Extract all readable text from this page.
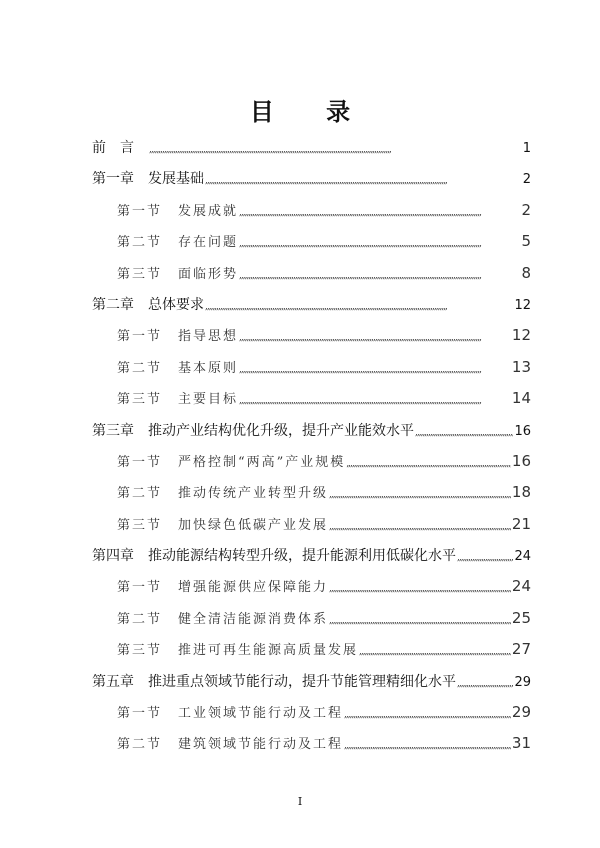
目 录
前　言 ,,,,,,,,,,,,,,,,,,,,,,,,,,,,,,,,,,,,,,,,,,,,,,,,,,,,,,,,,,,,,,,,,,,,,,,,,,,,,,,,,,,,,,,,,,,,,,,,,,,,,,,,,,,,,,,,,,,,,,,,,,,,,,,,,,	1
第一章 发展基础 ,,,,,,,,,,,,,,,,,,,,,,,,,,,,,,,,,,,,,,,,,,,,,,,,,,,,,,,,,,,,,,,,,,,,,,,,,,,,,,,,,,,,,,,,,,,,,,,,,,,,,,,,,,,,,,,,,,,,,,,,,,,,,,,,,,	2
第一节 发展成就 ,,,,,,,,,,,,,,,,,,,,,,,,,,,,,,,,,,,,,,,,,,,,,,,,,,,,,,,,,,,,,,,,,,,,,,,,,,,,,,,,,,,,,,,,,,,,,,,,,,,,,,,,,,,,,,,,,,,,,,,,,,,,,,,,,,	2
第二节 存在问题 ,,,,,,,,,,,,,,,,,,,,,,,,,,,,,,,,,,,,,,,,,,,,,,,,,,,,,,,,,,,,,,,,,,,,,,,,,,,,,,,,,,,,,,,,,,,,,,,,,,,,,,,,,,,,,,,,,,,,,,,,,,,,,,,,,,	5
第三节 面临形势 ,,,,,,,,,,,,,,,,,,,,,,,,,,,,,,,,,,,,,,,,,,,,,,,,,,,,,,,,,,,,,,,,,,,,,,,,,,,,,,,,,,,,,,,,,,,,,,,,,,,,,,,,,,,,,,,,,,,,,,,,,,,,,,,,,,	8
第二章 总体要求 ,,,,,,,,,,,,,,,,,,,,,,,,,,,,,,,,,,,,,,,,,,,,,,,,,,,,,,,,,,,,,,,,,,,,,,,,,,,,,,,,,,,,,,,,,,,,,,,,,,,,,,,,,,,,,,,,,,,,,,,,,,,,,,,,,,	12
第一节 指导思想 ,,,,,,,,,,,,,,,,,,,,,,,,,,,,,,,,,,,,,,,,,,,,,,,,,,,,,,,,,,,,,,,,,,,,,,,,,,,,,,,,,,,,,,,,,,,,,,,,,,,,,,,,,,,,,,,,,,,,,,,,,,,,,,,,,,	12
第二节 基本原则 ,,,,,,,,,,,,,,,,,,,,,,,,,,,,,,,,,,,,,,,,,,,,,,,,,,,,,,,,,,,,,,,,,,,,,,,,,,,,,,,,,,,,,,,,,,,,,,,,,,,,,,,,,,,,,,,,,,,,,,,,,,,,,,,,,,	13
第三节 主要目标 ,,,,,,,,,,,,,,,,,,,,,,,,,,,,,,,,,,,,,,,,,,,,,,,,,,,,,,,,,,,,,,,,,,,,,,,,,,,,,,,,,,,,,,,,,,,,,,,,,,,,,,,,,,,,,,,,,,,,,,,,,,,,,,,,,,	14
第三章 推动产业结构优化升级，提升产业能效水平 ,,,,,,,,,,,,,,,,,,,,,,,,,,,,,,,,,,,,,,,,,,,,,,,,,,,,,,,,,,,,,,,,,,,,,,,,,,,,,,,,,,,,,,,,,,,,,,,,,,,,,,,,,,,,,,,,,,,,,,,,,,,,,,,,,,	16
第一节 严格控制“两高”产业规模 ,,,,,,,,,,,,,,,,,,,,,,,,,,,,,,,,,,,,,,,,,,,,,,,,,,,,,,,,,,,,,,,,,,,,,,,,,,,,,,,,,,,,,,,,,,,,,,,,,,,,,,,,,,,,,,,,,,,,,,,,,,,,,,,,,,	16
第二节 推动传统产业转型升级 ,,,,,,,,,,,,,,,,,,,,,,,,,,,,,,,,,,,,,,,,,,,,,,,,,,,,,,,,,,,,,,,,,,,,,,,,,,,,,,,,,,,,,,,,,,,,,,,,,,,,,,,,,,,,,,,,,,,,,,,,,,,,,,,,,,	18
第三节 加快绿色低碳产业发展 ,,,,,,,,,,,,,,,,,,,,,,,,,,,,,,,,,,,,,,,,,,,,,,,,,,,,,,,,,,,,,,,,,,,,,,,,,,,,,,,,,,,,,,,,,,,,,,,,,,,,,,,,,,,,,,,,,,,,,,,,,,,,,,,,,,	21
第四章 推动能源结构转型升级，提升能源利用低碳化水平 ,,,,,,,,,,,,,,,,,,,,,,,,,,,,,,,,,,,,,,,,,,,,,,,,,,,,,,,,,,,,,,,,,,,,,,,,,,,,,,,,,,,,,,,,,,,,,,,,,,,,,,,,,,,,,,,,,,,,,,,,,,,,,,,,,,	24
第一节 增强能源供应保障能力 ,,,,,,,,,,,,,,,,,,,,,,,,,,,,,,,,,,,,,,,,,,,,,,,,,,,,,,,,,,,,,,,,,,,,,,,,,,,,,,,,,,,,,,,,,,,,,,,,,,,,,,,,,,,,,,,,,,,,,,,,,,,,,,,,,,	24
第二节 健全清洁能源消费体系 ,,,,,,,,,,,,,,,,,,,,,,,,,,,,,,,,,,,,,,,,,,,,,,,,,,,,,,,,,,,,,,,,,,,,,,,,,,,,,,,,,,,,,,,,,,,,,,,,,,,,,,,,,,,,,,,,,,,,,,,,,,,,,,,,,,	25
第三节 推进可再生能源高质量发展 ,,,,,,,,,,,,,,,,,,,,,,,,,,,,,,,,,,,,,,,,,,,,,,,,,,,,,,,,,,,,,,,,,,,,,,,,,,,,,,,,,,,,,,,,,,,,,,,,,,,,,,,,,,,,,,,,,,,,,,,,,,,,,,,,,,	27
第五章 推进重点领域节能行动，提升节能管理精细化水平 ,,,,,,,,,,,,,,,,,,,,,,,,,,,,,,,,,,,,,,,,,,,,,,,,,,,,,,,,,,,,,,,,,,,,,,,,,,,,,,,,,,,,,,,,,,,,,,,,,,,,,,,,,,,,,,,,,,,,,,,,,,,,,,,,,,	29
第一节 工业领域节能行动及工程 ,,,,,,,,,,,,,,,,,,,,,,,,,,,,,,,,,,,,,,,,,,,,,,,,,,,,,,,,,,,,,,,,,,,,,,,,,,,,,,,,,,,,,,,,,,,,,,,,,,,,,,,,,,,,,,,,,,,,,,,,,,,,,,,,,,	29
第二节 建筑领域节能行动及工程 ,,,,,,,,,,,,,,,,,,,,,,,,,,,,,,,,,,,,,,,,,,,,,,,,,,,,,,,,,,,,,,,,,,,,,,,,,,,,,,,,,,,,,,,,,,,,,,,,,,,,,,,,,,,,,,,,,,,,,,,,,,,,,,,,,,	31
I
